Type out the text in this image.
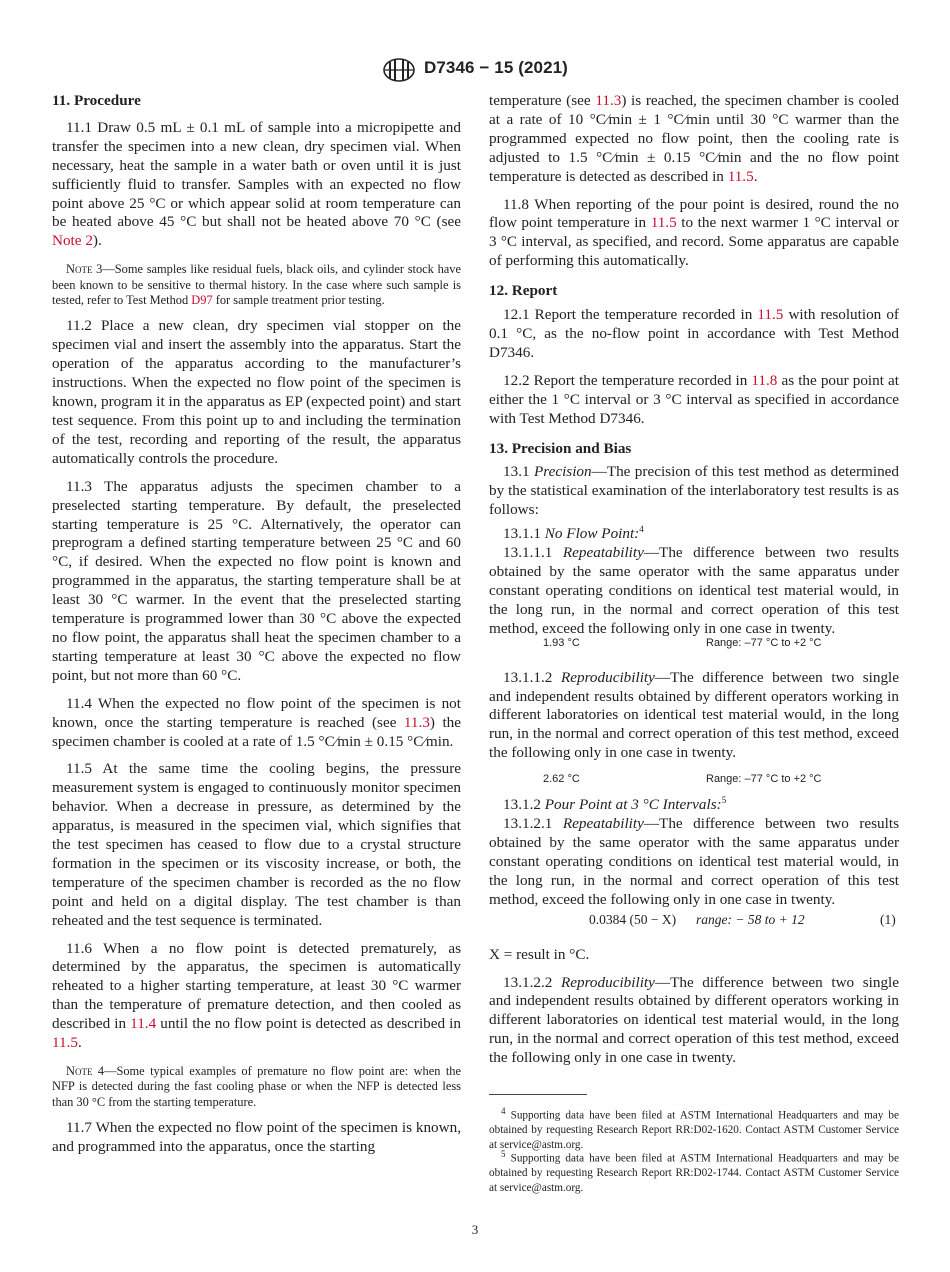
D7346 − 15 (2021)

11. Procedure

11.1 Draw 0.5 mL ± 0.1 mL of sample into a micropipette and transfer the specimen into a new clean, dry specimen vial. When necessary, heat the sample in a water bath or oven until it is just sufficiently fluid to transfer. Samples with an expected no flow point above 25 °C or which appear solid at room temperature can be heated above 45 °C but shall not be heated above 70 °C (see Note 2).

Note 3—Some samples like residual fuels, black oils, and cylinder stock have been known to be sensitive to thermal history. In the case where such sample is tested, refer to Test Method D97 for sample treatment prior testing.

11.2 Place a new clean, dry specimen vial stopper on the specimen vial and insert the assembly into the apparatus. Start the operation of the apparatus according to the manufacturer’s instructions. When the expected no flow point of the specimen is known, program it in the apparatus as EP (expected point) and start test sequence. From this point up to and including the termination of the test, recording and reporting of the result, the apparatus automatically controls the procedure.

11.3 The apparatus adjusts the specimen chamber to a preselected starting temperature. By default, the preselected starting temperature is 25 °C. Alternatively, the operator can preprogram a defined starting temperature between 25 °C and 60 °C, if desired. When the expected no flow point is known and programmed in the apparatus, the starting temperature shall be at least 30 °C warmer. In the event that the preselected starting temperature is programmed lower than 30 °C above the expected no flow point, the apparatus shall heat the specimen chamber to a starting temperature at least 30 °C above the expected no flow point, but not more than 60 °C.

11.4 When the expected no flow point of the specimen is not known, once the starting temperature is reached (see 11.3) the specimen chamber is cooled at a rate of 1.5 °C⁄min ± 0.15 °C⁄min.

11.5 At the same time the cooling begins, the pressure measurement system is engaged to continuously monitor specimen behavior. When a decrease in pressure, as determined by the apparatus, is measured in the specimen vial, which signifies that the test specimen has ceased to flow due to a crystal structure formation in the specimen or its viscosity increase, or both, the temperature of the specimen chamber is recorded as the no flow point and held on a digital display. The test chamber is than reheated and the test sequence is terminated.

11.6 When a no flow point is detected prematurely, as determined by the apparatus, the specimen is automatically reheated to a higher starting temperature, at least 30 °C warmer than the temperature of premature detection, and then cooled as described in 11.4 until the no flow point is detected as described in 11.5.

Note 4—Some typical examples of premature no flow point are: when the NFP is detected during the fast cooling phase or when the NFP is detected less than 30 °C from the starting temperature.

11.7 When the expected no flow point of the specimen is known, and programmed into the apparatus, once the starting

temperature (see 11.3) is reached, the specimen chamber is cooled at a rate of 10 °C⁄min ± 1 °C⁄min until 30 °C warmer than the programmed expected no flow point, then the cooling rate is adjusted to 1.5 °C⁄min ± 0.15 °C⁄min and the no flow point temperature is detected as described in 11.5.

11.8 When reporting of the pour point is desired, round the no flow point temperature in 11.5 to the next warmer 1 °C interval or 3 °C interval, as specified, and record. Some apparatus are capable of performing this automatically.

12. Report

12.1 Report the temperature recorded in 11.5 with resolution of 0.1 °C, as the no-flow point in accordance with Test Method D7346.

12.2 Report the temperature recorded in 11.8 as the pour point at either the 1 °C interval or 3 °C interval as specified in accordance with Test Method D7346.

13. Precision and Bias

13.1 Precision—The precision of this test method as determined by the statistical examination of the interlaboratory test results is as follows:

13.1.1 No Flow Point:$^4$

13.1.1.1 Repeatability—The difference between two results obtained by the same operator with the same apparatus under constant operating conditions on identical test material would, in the long run, in the normal and correct operation of this test method, exceed the following only in one case in twenty.

13.1.1.2 Reproducibility—The difference between two single and independent results obtained by different operators working in different laboratories on identical test material would, in the long run, in the normal and correct operation of this test method, exceed the following only in one case in twenty.

13.1.2 Pour Point at 3 °C Intervals:$^5$

13.1.2.1 Repeatability—The difference between two results obtained by the same operator with the same apparatus under constant operating conditions on identical test material would, in the long run, in the normal and correct operation of this test method, exceed the following only in one case in twenty.

X = result in °C.

13.1.2.2 Reproducibility—The difference between two single and independent results obtained by different operators working in different laboratories on identical test material would, in the long run, in the normal and correct operation of this test method, exceed the following only in one case in twenty.

1.93 °C	Range: –77 °C to +2 °C
2.62 °C	Range: –77 °C to +2 °C
0.0384 (50 − X) range: − 58 to + 12	(1)

$^4$ Supporting data have been filed at ASTM International Headquarters and may be obtained by requesting Research Report RR:D02-1620. Contact ASTM Customer Service at service@astm.org.

$^5$ Supporting data have been filed at ASTM International Headquarters and may be obtained by requesting Research Report RR:D02-1744. Contact ASTM Customer Service at service@astm.org.

3
